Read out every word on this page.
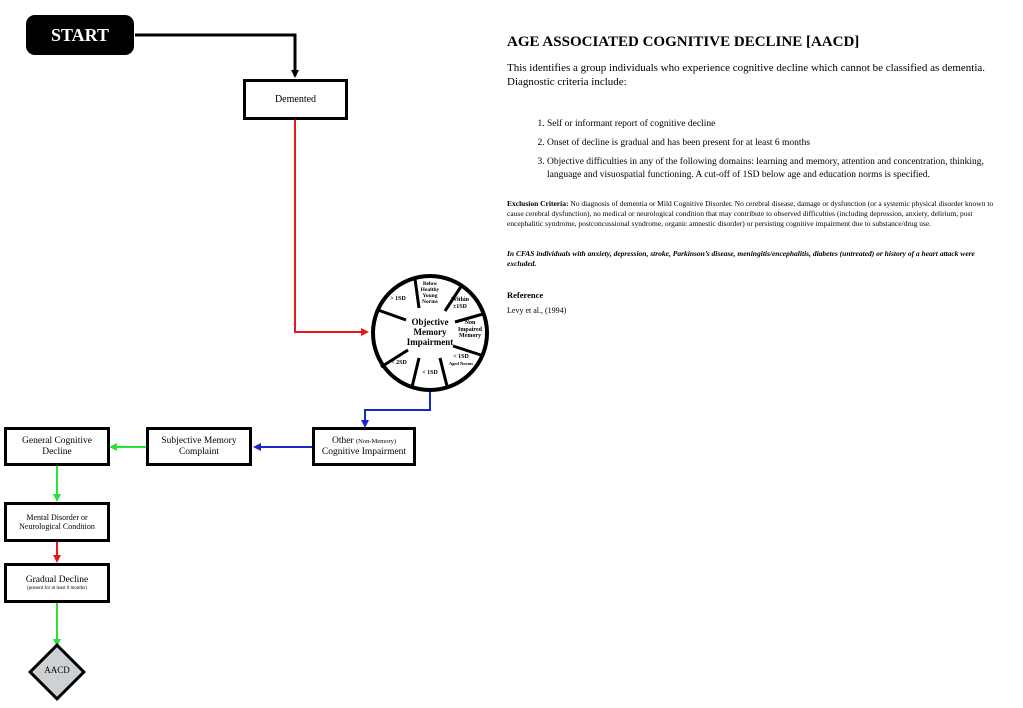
START
Demented
Objective Memory Impairment
Below Healthy Young Norms	Within ±1SD
Non Impaired Memory
< 1SD
Aged Norms
< 1SD
< 2SD
> 1SD
Other (Non-Memory)
Cognitive Impairment
Subjective Memory Complaint
General Cognitive Decline
Mental Disorder or Neurological Condition
Gradual Decline
(present for at least 6 months)
AACD
AGE ASSOCIATED COGNITIVE DECLINE [AACD]

This identifies a group individuals who experience cognitive decline which cannot be classified as dementia. Diagnostic criteria include:

1. Self or informant report of cognitive decline
2. Onset of decline is gradual and has been present for at least 6 months
3. Objective difficulties in any of the following domains: learning and memory, attention and concentration, thinking, language and visuospatial functioning. A cut-off of 1SD below age and education norms is specified.

Exclusion Criteria: No diagnosis of dementia or Mild Cognitive Disorder. No cerebral disease, damage or dysfunction (or a systemic physical disorder known to cause cerebral dysfunction), no medical or neurological condition that may contribute to observed difficulties (including depression, anxiety, delirium, post encephalitic syndrome, postconcussional syndrome, organic amnestic disorder) or persisting cognitive impairment due to substance/drug use.

In CFAS individuals with anxiety, depression, stroke, Parkinson’s disease, meningitis/encephalitis, diabetes (untreated) or history of a heart attack were excluded.

Reference

Levy et al., (1994)
